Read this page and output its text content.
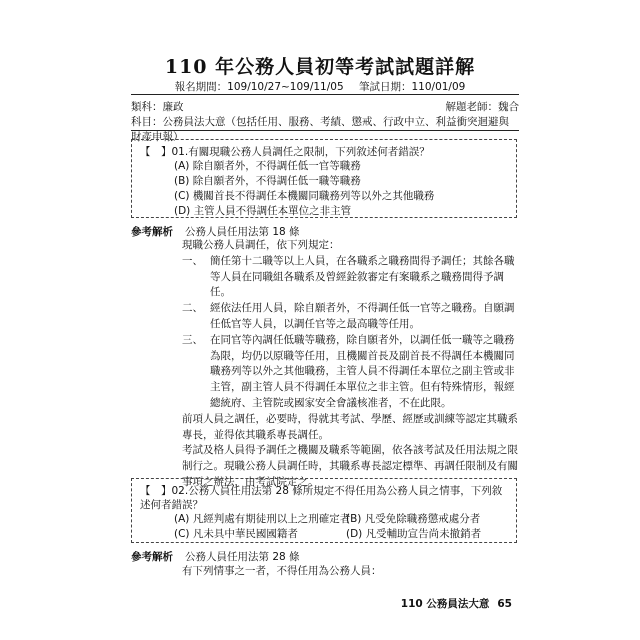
110 年公務人員初等考試試題詳解
報名期間：109/10/27~109/11/05 筆試日期：110/01/09
類科：廉政	解題老師：魏合
科目：公務員法大意（包括任用、服務、考績、懲戒、行政中立、利益衝突迴避與財產申報）
【　】01.有關現職公務人員調任之限制，下列敘述何者錯誤？
(A) 除自願者外，不得調任低一官等職務
(B) 除自願者外，不得調任低一職等職務
(C) 機關首長不得調任本機關同職務列等以外之其他職務
(D) 主管人員不得調任本單位之非主管
參考解析 公務人員任用法第 18 條

現職公務人員調任，依下列規定：

一、 簡任第十二職等以上人員，在各職系之職務間得予調任；其餘各職等人員在同職組各職系及曾經銓敘審定有案職系之職務間得予調任。
二、 經依法任用人員，除自願者外，不得調任低一官等之職務。自願調任低官等人員，以調任官等之最高職等任用。
三、 在同官等內調任低職等職務，除自願者外，以調任低一職等之職務為限，均仍以原職等任用，且機關首長及副首長不得調任本機關同職務列等以外之其他職務，主管人員不得調任本單位之副主管或非主管，副主管人員不得調任本單位之非主管。但有特殊情形，報經總統府、主管院或國家安全會議核准者，不在此限。

前項人員之調任，必要時，得就其考試、學歷、經歷或訓練等認定其職系專長，並得依其職系專長調任。

考試及格人員得予調任之機關及職系等範圍，依各該考試及任用法規之限制行之。現職公務人員調任時，其職系專長認定標準、再調任限制及有關事項之辦法，由考試院定之。

【　】02.公務人員任用法第 28 條所規定不得任用為公務人員之情事，下列敘述何者錯誤？
(A) 凡經判處有期徒刑以上之刑確定者
(B) 凡受免除職務懲戒處分者
(C) 凡未具中華民國國籍者	(D) 凡受輔助宣告尚未撤銷者
參考解析 公務人員任用法第 28 條

有下列情事之一者，不得任用為公務人員：

110 公務員法大意 65
